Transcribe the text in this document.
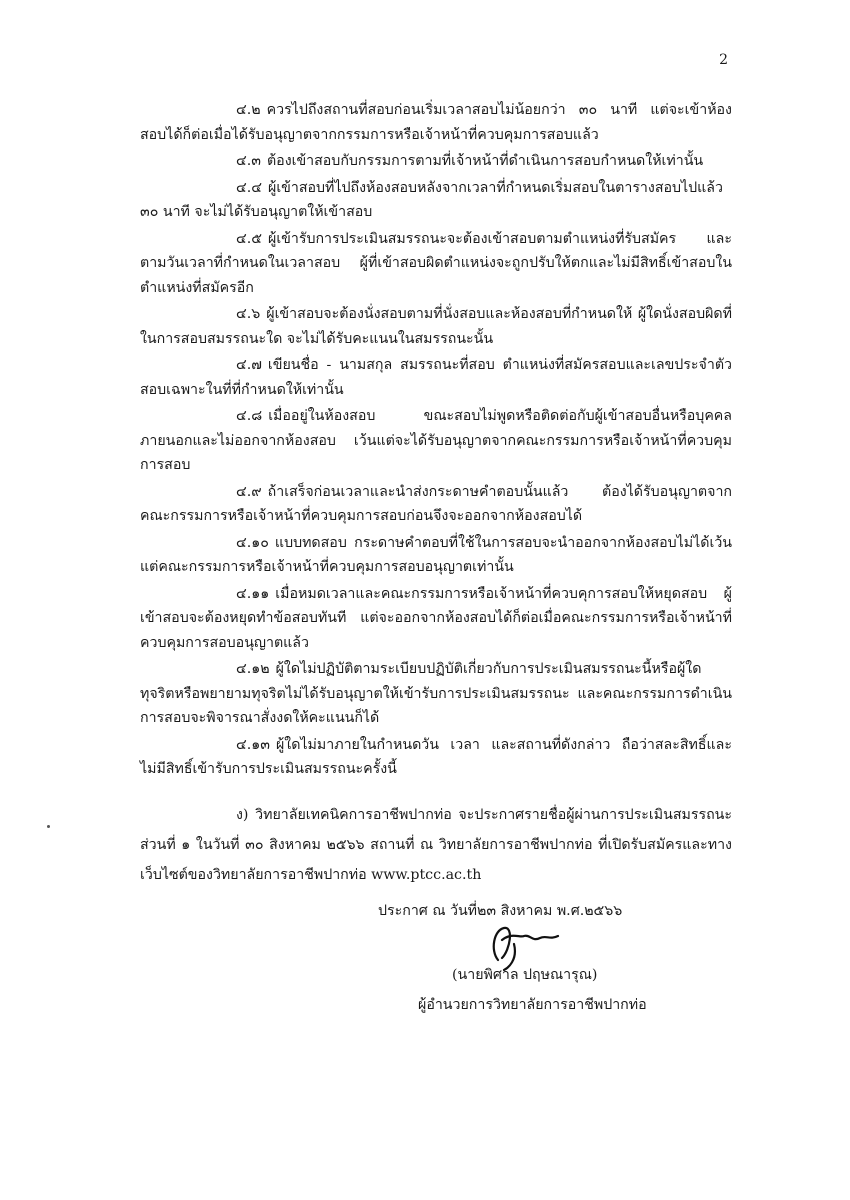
2

๔.๒ ควรไปถึงสถานที่สอบก่อนเริ่มเวลาสอบไม่น้อยกว่า ๓๐ นาที แต่จะเข้าห้องสอบได้ก็ต่อเมื่อได้รับอนุญาตจากกรรมการหรือเจ้าหน้าที่ควบคุมการสอบแล้ว

๔.๓ ต้องเข้าสอบกับกรรมการตามที่เจ้าหน้าที่ดำเนินการสอบกำหนดให้เท่านั้น

๔.๔ ผู้เข้าสอบที่ไปถึงห้องสอบหลังจากเวลาที่กำหนดเริ่มสอบในตารางสอบไปแล้ว ๓๐ นาที จะไม่ได้รับอนุญาตให้เข้าสอบ

๔.๕ ผู้เข้ารับการประเมินสมรรถนะจะต้องเข้าสอบตามตำแหน่งที่รับสมัคร และตามวันเวลาที่กำหนดในเวลาสอบ ผู้ที่เข้าสอบผิดตำแหน่งจะถูกปรับให้ตกและไม่มีสิทธิ์เข้าสอบในตำแหน่งที่สมัครอีก

๔.๖ ผู้เข้าสอบจะต้องนั่งสอบตามที่นั่งสอบและห้องสอบที่กำหนดให้ ผู้ใดนั่งสอบผิดที่ในการสอบสมรรถนะใด จะไม่ได้รับคะแนนในสมรรถนะนั้น

๔.๗ เขียนชื่อ - นามสกุล สมรรถนะที่สอบ ตำแหน่งที่สมัครสอบและเลขประจำตัวสอบเฉพาะในที่ที่กำหนดให้เท่านั้น

๔.๘ เมื่ออยู่ในห้องสอบ ขณะสอบไม่พูดหรือติดต่อกับผู้เข้าสอบอื่นหรือบุคคลภายนอกและไม่ออกจากห้องสอบ เว้นแต่จะได้รับอนุญาตจากคณะกรรมการหรือเจ้าหน้าที่ควบคุมการสอบ

๔.๙ ถ้าเสร็จก่อนเวลาและนำส่งกระดาษคำตอบนั้นแล้ว ต้องได้รับอนุญาตจากคณะกรรมการหรือเจ้าหน้าที่ควบคุมการสอบก่อนจึงจะออกจากห้องสอบได้

๔.๑๐ แบบทดสอบ กระดาษคำตอบที่ใช้ในการสอบจะนำออกจากห้องสอบไม่ได้เว้นแต่คณะกรรมการหรือเจ้าหน้าที่ควบคุมการสอบอนุญาตเท่านั้น

๔.๑๑ เมื่อหมดเวลาและคณะกรรมการหรือเจ้าหน้าที่ควบคุการสอบให้หยุดสอบ ผู้เข้าสอบจะต้องหยุดทำข้อสอบทันที แต่จะออกจากห้องสอบได้ก็ต่อเมื่อคณะกรรมการหรือเจ้าหน้าที่ควบคุมการสอบอนุญาตแล้ว

๔.๑๒ ผู้ใดไม่ปฏิบัติตามระเบียบปฏิบัติเกี่ยวกับการประเมินสมรรถนะนี้หรือผู้ใดทุจริตหรือพยายามทุจริตไม่ได้รับอนุญาตให้เข้ารับการประเมินสมรรถนะ และคณะกรรมการดำเนินการสอบจะพิจารณาสั่งงดให้คะแนนก็ได้

๔.๑๓ ผู้ใดไม่มาภายในกำหนดวัน เวลา และสถานที่ดังกล่าว ถือว่าสละสิทธิ์และไม่มีสิทธิ์เข้ารับการประเมินสมรรถนะครั้งนี้

ง) วิทยาลัยเทคนิคการอาชีพปากท่อ จะประกาศรายชื่อผู้ผ่านการประเมินสมรรถนะส่วนที่ ๑ ในวันที่ ๓๐ สิงหาคม ๒๕๖๖ สถานที่ ณ วิทยาลัยการอาชีพปากท่อ ที่เปิดรับสมัครและทางเว็บไซต์ของวิทยาลัยการอาชีพปากท่อ www.ptcc.ac.th

ประกาศ ณ วันที่๒๓ สิงหาคม พ.ศ.๒๕๖๖
(นายพิศาล ปฤษณารุณ)
ผู้อำนวยการวิทยาลัยการอาชีพปากท่อ
